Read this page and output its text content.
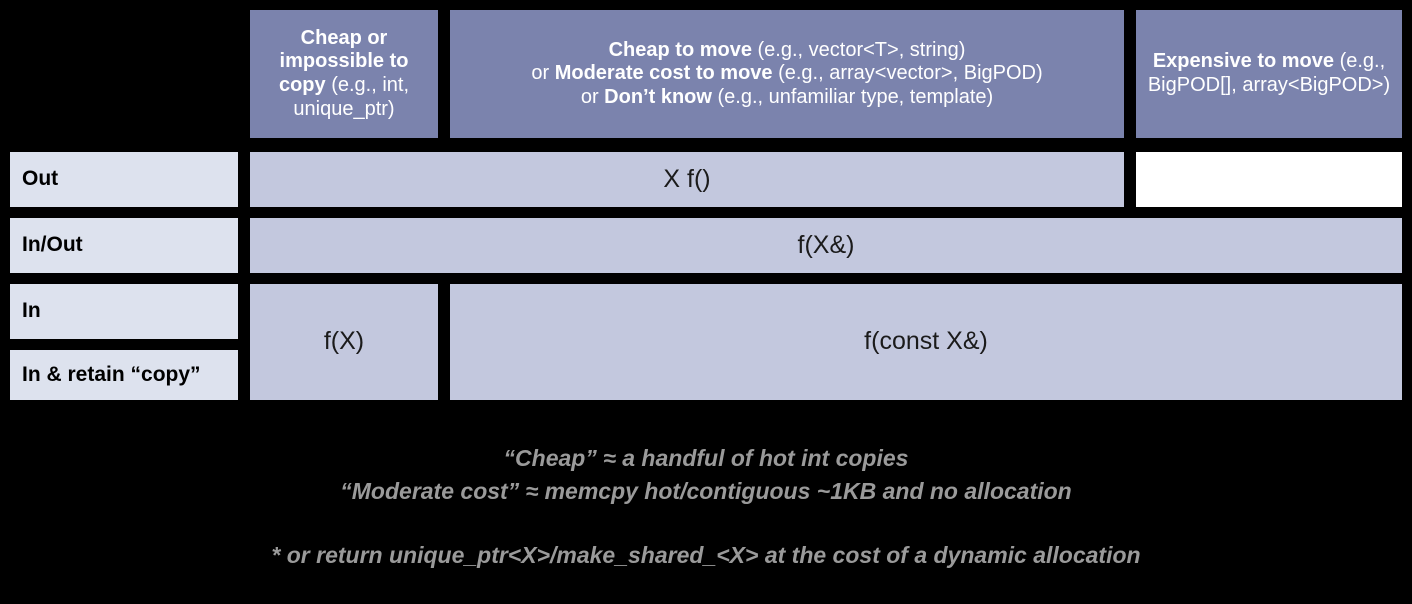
Cheap or impossible to copy (e.g., int, unique_ptr)
Cheap to move (e.g., vector<T>, string)
or Moderate cost to move (e.g., array<vector>, BigPOD)
or Don’t know (e.g., unfamiliar type, template)
Expensive to move (e.g., BigPOD[], array<BigPOD>)
Out
In/Out
In
In & retain “copy”
X f()
f(X&)
f(X)	f(const X&)
“Cheap” ≈ a handful of hot int copies
“Moderate cost” ≈ memcpy hot/contiguous ~1KB and no allocation
* or return unique_ptr<X>/make_shared_<X> at the cost of a dynamic allocation
